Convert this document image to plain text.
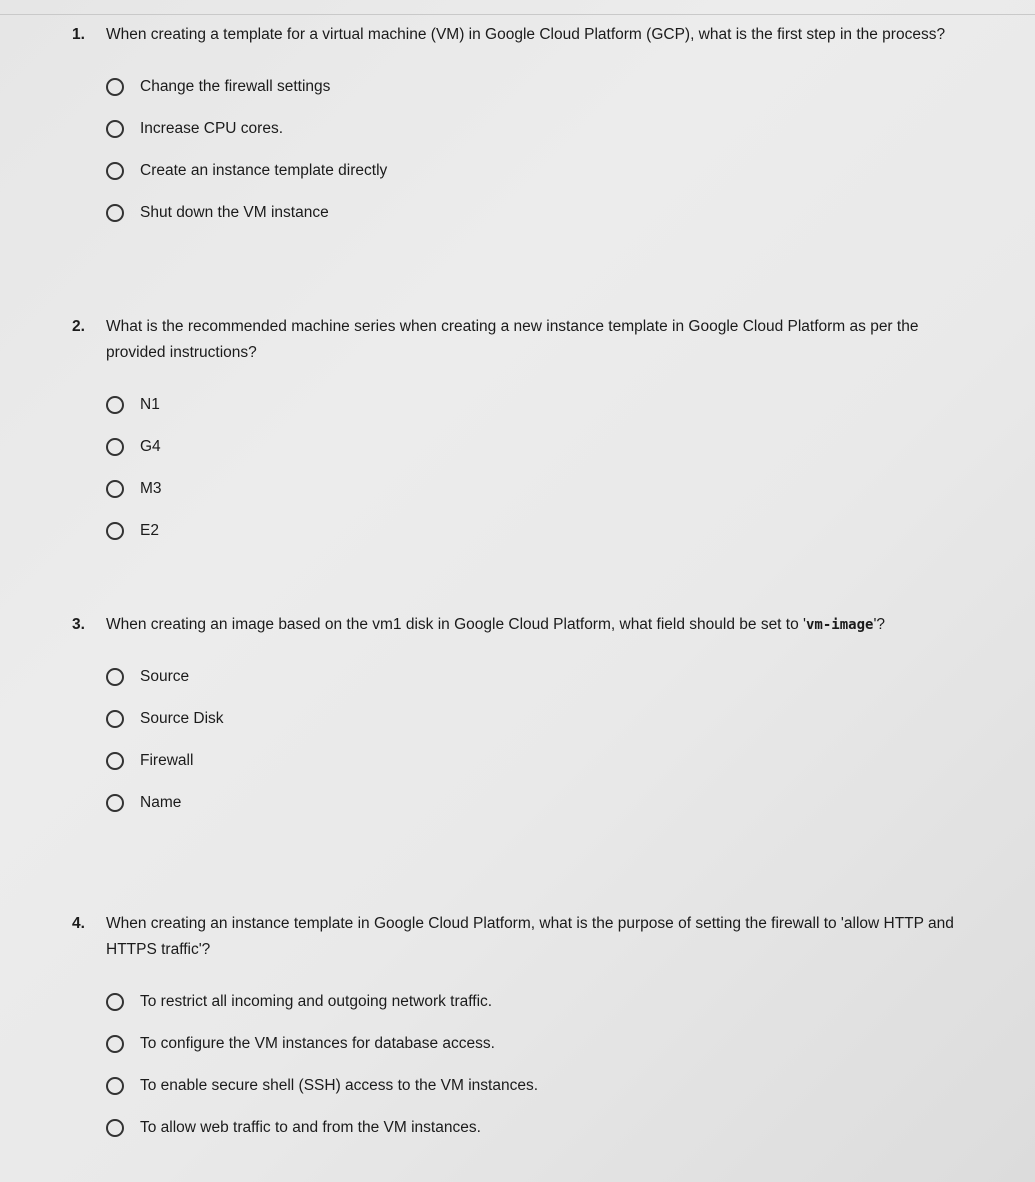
1. When creating a template for a virtual machine (VM) in Google Cloud Platform (GCP), what is the first step in the process?
Change the firewall settings
Increase CPU cores.
Create an instance template directly
Shut down the VM instance
2. What is the recommended machine series when creating a new instance template in Google Cloud Platform as per the provided instructions?
N1
G4
M3
E2
3. When creating an image based on the vm1 disk in Google Cloud Platform, what field should be set to 'vm-image'?
Source
Source Disk
Firewall
Name
4. When creating an instance template in Google Cloud Platform, what is the purpose of setting the firewall to 'allow HTTP and HTTPS traffic'?
To restrict all incoming and outgoing network traffic.
To configure the VM instances for database access.
To enable secure shell (SSH) access to the VM instances.
To allow web traffic to and from the VM instances.
